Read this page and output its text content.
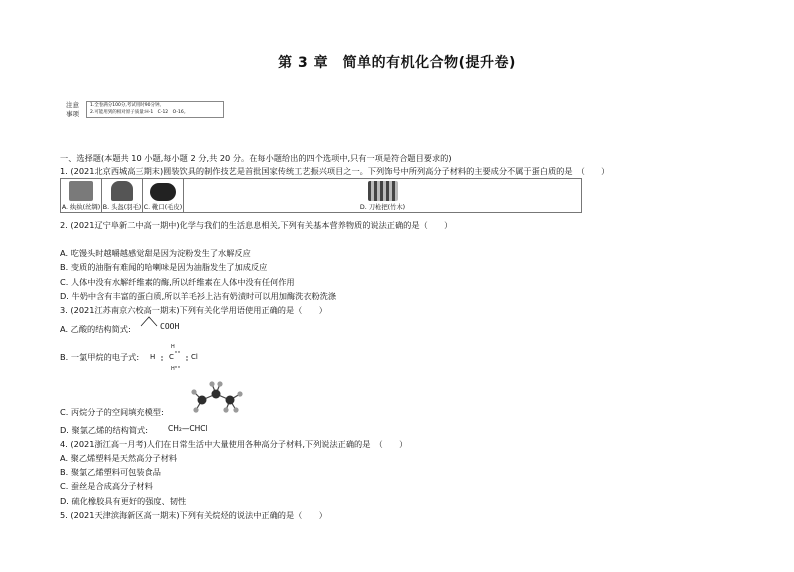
第 3 章　简单的有机化合物(提升卷)
注意
事项
1.全卷满分100分,考试用时90分钟。
2.可能用到的相对原子质量:H-1　C-12　O-16。
一、选择题(本题共 10 小题,每小题 2 分,共 20 分。在每小题给出的四个选项中,只有一项是符合题目要求的)
1. (2021北京西城高三期末)圆装饮具的制作技艺是首批国家传统工艺振兴项目之一。下列饰号中所列高分子材料的主要成分不属于蛋白质的是　（　　）
A. 纨纨(丝绸)	B. 头盔(羽毛)	C. 靴口(毛皮)	D. 刀枪把(竹木)
2. (2021辽宁阜新二中高一期中)化学与我们的生活息息相关,下列有关基本营养物质的说法正确的是（　　）
A. 吃馒头时越嚼越感觉甜是因为淀粉发生了水解反应
B. 变质的油脂有难闻的哈喇味是因为油脂发生了加成反应
C. 人体中没有水解纤维素的酶,所以纤维素在人体中没有任何作用
D. 牛奶中含有丰富的蛋白质,所以羊毛衫上沾有奶渍时可以用加酶洗衣粉洗涤
3. (2021江苏南京六校高一期末)下列有关化学用语使用正确的是（　　）
A. 乙酸的结构简式:	COOH
B. 一氯甲烷的电子式:
H
H C Cl
H
C. 丙烷分子的空间填充模型:
D. 聚氯乙烯的结构简式:	CH₂—CHCl
4. (2021浙江高一月考)人们在日常生活中大量使用各种高分子材料,下列说法正确的是　（　　）
A. 聚乙烯塑料是天然高分子材料
B. 聚氯乙烯塑料可包装食品
C. 蚕丝是合成高分子材料
D. 硫化橡胶具有更好的强度、韧性
5. (2021天津滨海新区高一期末)下列有关烷烃的说法中正确的是（　　）
